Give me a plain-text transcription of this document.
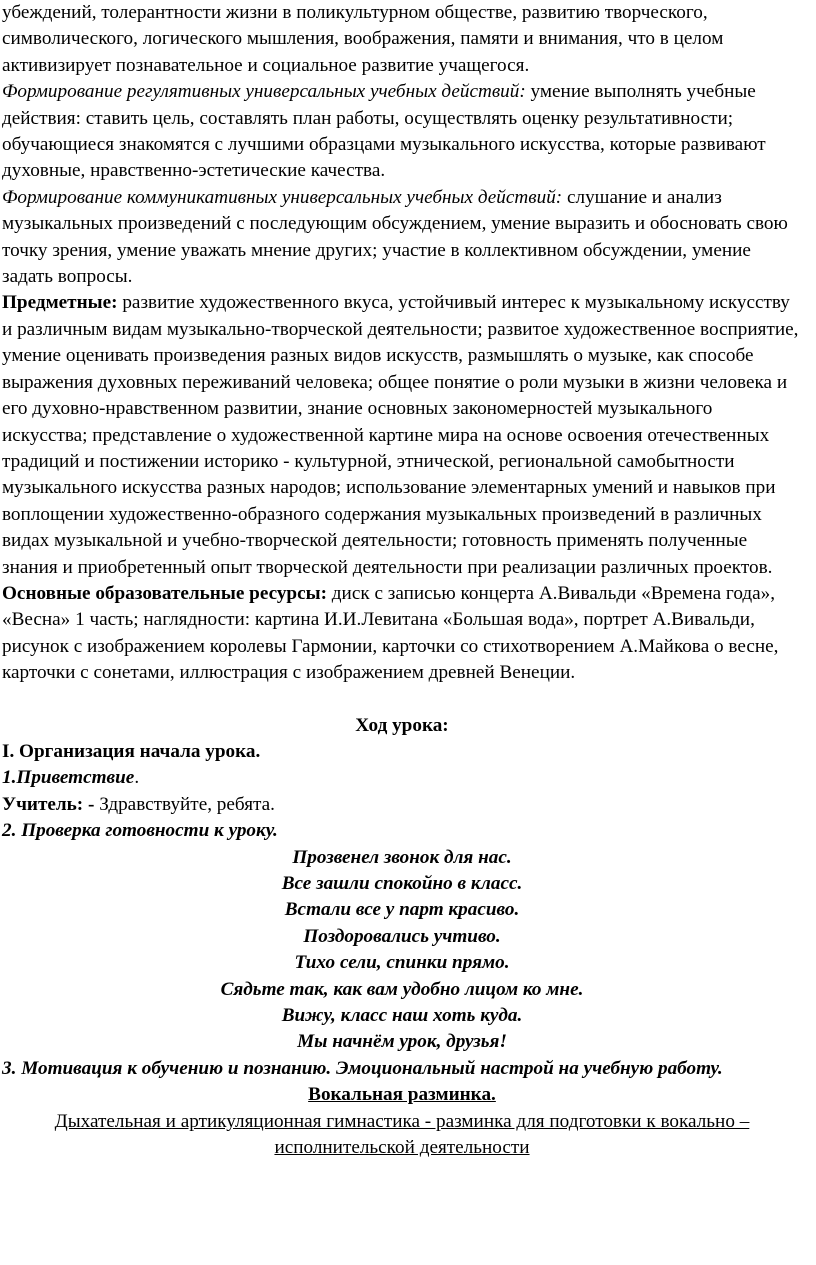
убеждений, толерантности жизни в поликультурном обществе, развитию творческого, символического, логического мышления, воображения, памяти и внимания, что в целом активизирует познавательное и социальное развитие учащегося.

Формирование регулятивных универсальных учебных действий: умение выполнять учебные действия: ставить цель, составлять план работы, осуществлять оценку результативности; обучающиеся знакомятся с лучшими образцами музыкального искусства, которые развивают духовные, нравственно-эстетические качества.

Формирование коммуникативных универсальных учебных действий: слушание и анализ музыкальных произведений с последующим обсуждением, умение выразить и обосновать свою точку зрения, умение уважать мнение других; участие в коллективном обсуждении, умение задать вопросы.

Предметные: развитие художественного вкуса, устойчивый интерес к музыкальному искусству и различным видам музыкально-творческой деятельности; развитое художественное восприятие, умение оценивать произведения разных видов искусств, размышлять о музыке, как способе выражения духовных переживаний человека; общее понятие о роли музыки в жизни человека и его духовно-нравственном развитии, знание основных закономерностей музыкального искусства; представление о художественной картине мира на основе освоения отечественных традиций и постижении историко - культурной, этнической, региональной самобытности музыкального искусства разных народов; использование элементарных умений и навыков при воплощении художественно-образного содержания музыкальных произведений в различных видах музыкальной и учебно-творческой деятельности; готовность применять полученные знания и приобретенный опыт творческой деятельности при реализации различных проектов.

Основные образовательные ресурсы: диск с записью концерта А.Вивальди «Времена года», «Весна» 1 часть; наглядности: картина И.И.Левитана «Большая вода», портрет А.Вивальди, рисунок с изображением королевы Гармонии, карточки со стихотворением А.Майкова о весне, карточки с сонетами, иллюстрация с изображением древней Венеции.

Ход урока:

I. Организация начала урока.

1.Приветствие.

Учитель: - Здравствуйте, ребята.

2. Проверка готовности к уроку.

Прозвенел звонок для нас.

Все зашли спокойно в класс.

Встали все у парт красиво.

Поздоровались учтиво.

Тихо сели, спинки прямо.

Сядьте так, как вам удобно лицом ко мне.

Вижу, класс наш хоть куда.

Мы начнём урок, друзья!

3. Мотивация к обучению и познанию. Эмоциональный настрой на учебную работу.

Вокальная разминка.

Дыхательная и артикуляционная гимнастика - разминка для подготовки к вокально – исполнительской деятельности
